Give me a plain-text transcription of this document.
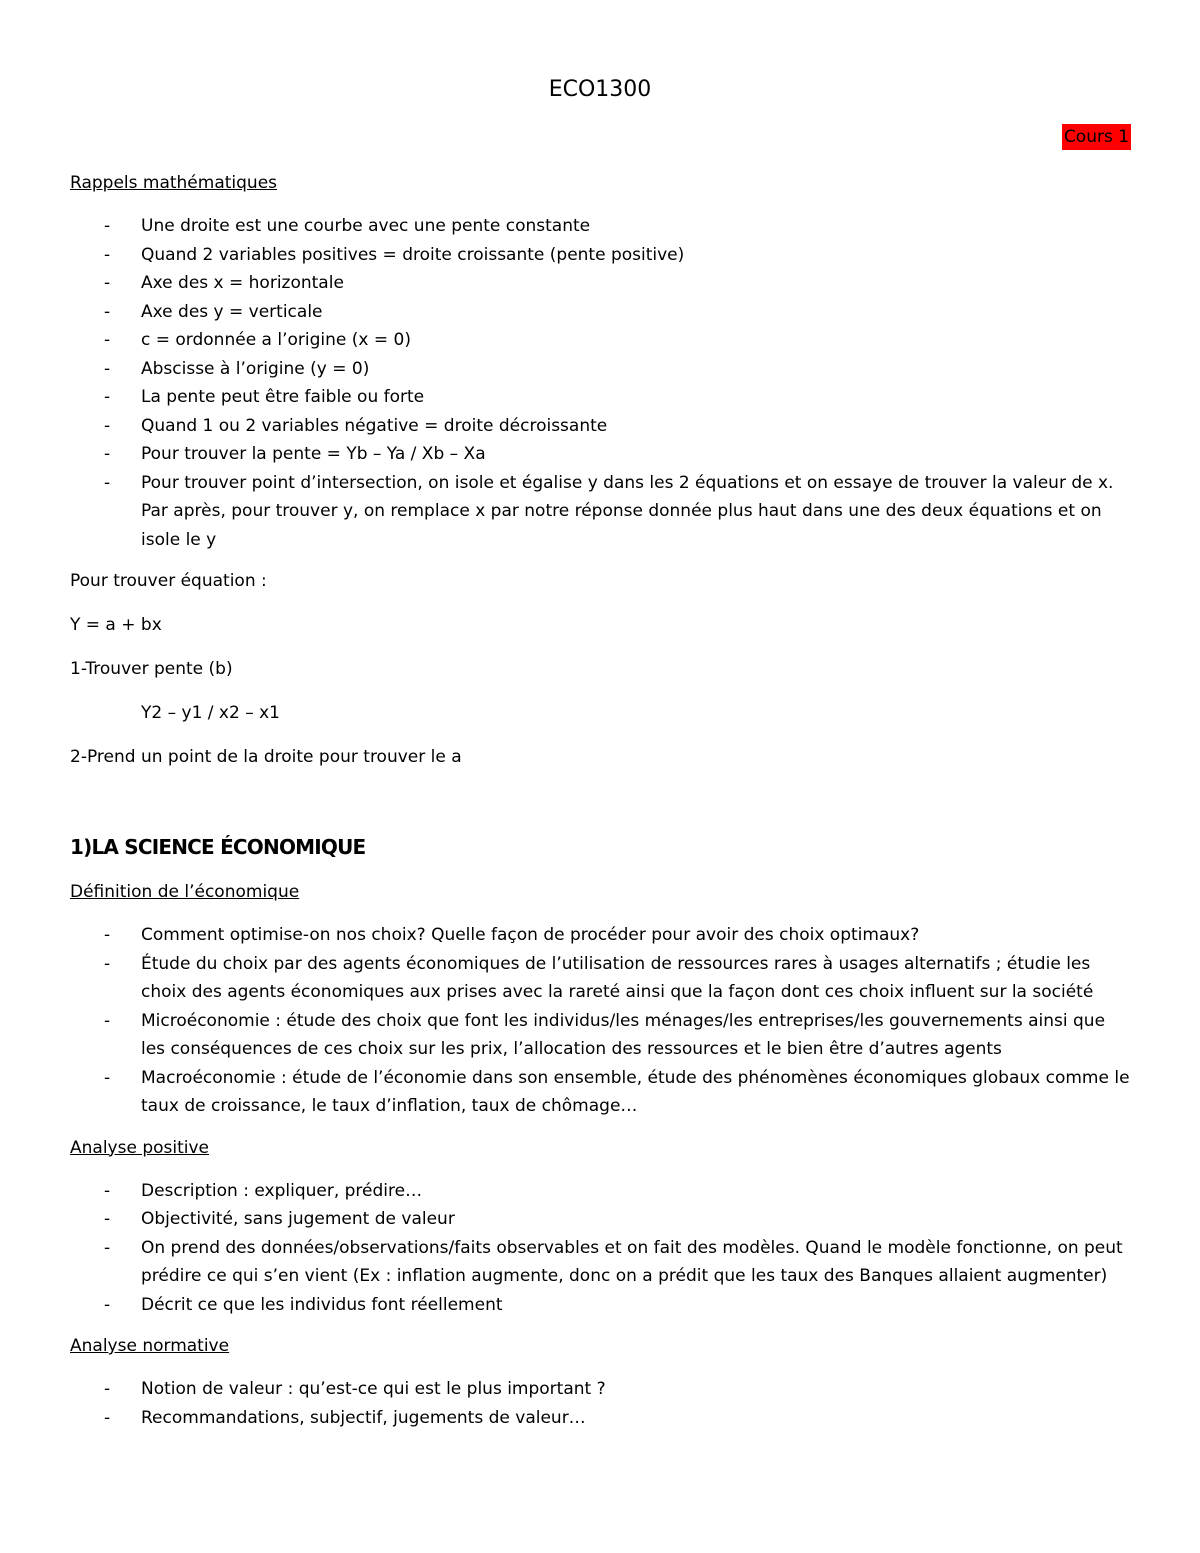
ECO1300
Cours 1

Rappels mathématiques

- Une droite est une courbe avec une pente constante
- Quand 2 variables positives = droite croissante (pente positive)
- Axe des x = horizontale
- Axe des y = verticale
- c = ordonnée a l’origine (x = 0)
- Abscisse à l’origine (y = 0)
- La pente peut être faible ou forte
- Quand 1 ou 2 variables négative = droite décroissante
- Pour trouver la pente = Yb – Ya / Xb – Xa
- Pour trouver point d’intersection, on isole et égalise y dans les 2 équations et on essaye de trouver la valeur de x. Par après, pour trouver y, on remplace x par notre réponse donnée plus haut dans une des deux équations et on isole le y

Pour trouver équation :

Y = a + bx

1-Trouver pente (b)

Y2 – y1 / x2 – x1

2-Prend un point de la droite pour trouver le a

1)LA SCIENCE ÉCONOMIQUE

Définition de l’économique

- Comment optimise-on nos choix? Quelle façon de procéder pour avoir des choix optimaux?
- Étude du choix par des agents économiques de l’utilisation de ressources rares à usages alternatifs ; étudie les choix des agents économiques aux prises avec la rareté ainsi que la façon dont ces choix influent sur la société
- Microéconomie : étude des choix que font les individus/les ménages/les entreprises/les gouvernements ainsi que les conséquences de ces choix sur les prix, l’allocation des ressources et le bien être d’autres agents
- Macroéconomie : étude de l’économie dans son ensemble, étude des phénomènes économiques globaux comme le taux de croissance, le taux d’inflation, taux de chômage…

Analyse positive

- Description : expliquer, prédire…
- Objectivité, sans jugement de valeur
- On prend des données/observations/faits observables et on fait des modèles. Quand le modèle fonctionne, on peut prédire ce qui s’en vient (Ex : inflation augmente, donc on a prédit que les taux des Banques allaient augmenter)
- Décrit ce que les individus font réellement

Analyse normative

- Notion de valeur : qu’est-ce qui est le plus important ?
- Recommandations, subjectif, jugements de valeur…
